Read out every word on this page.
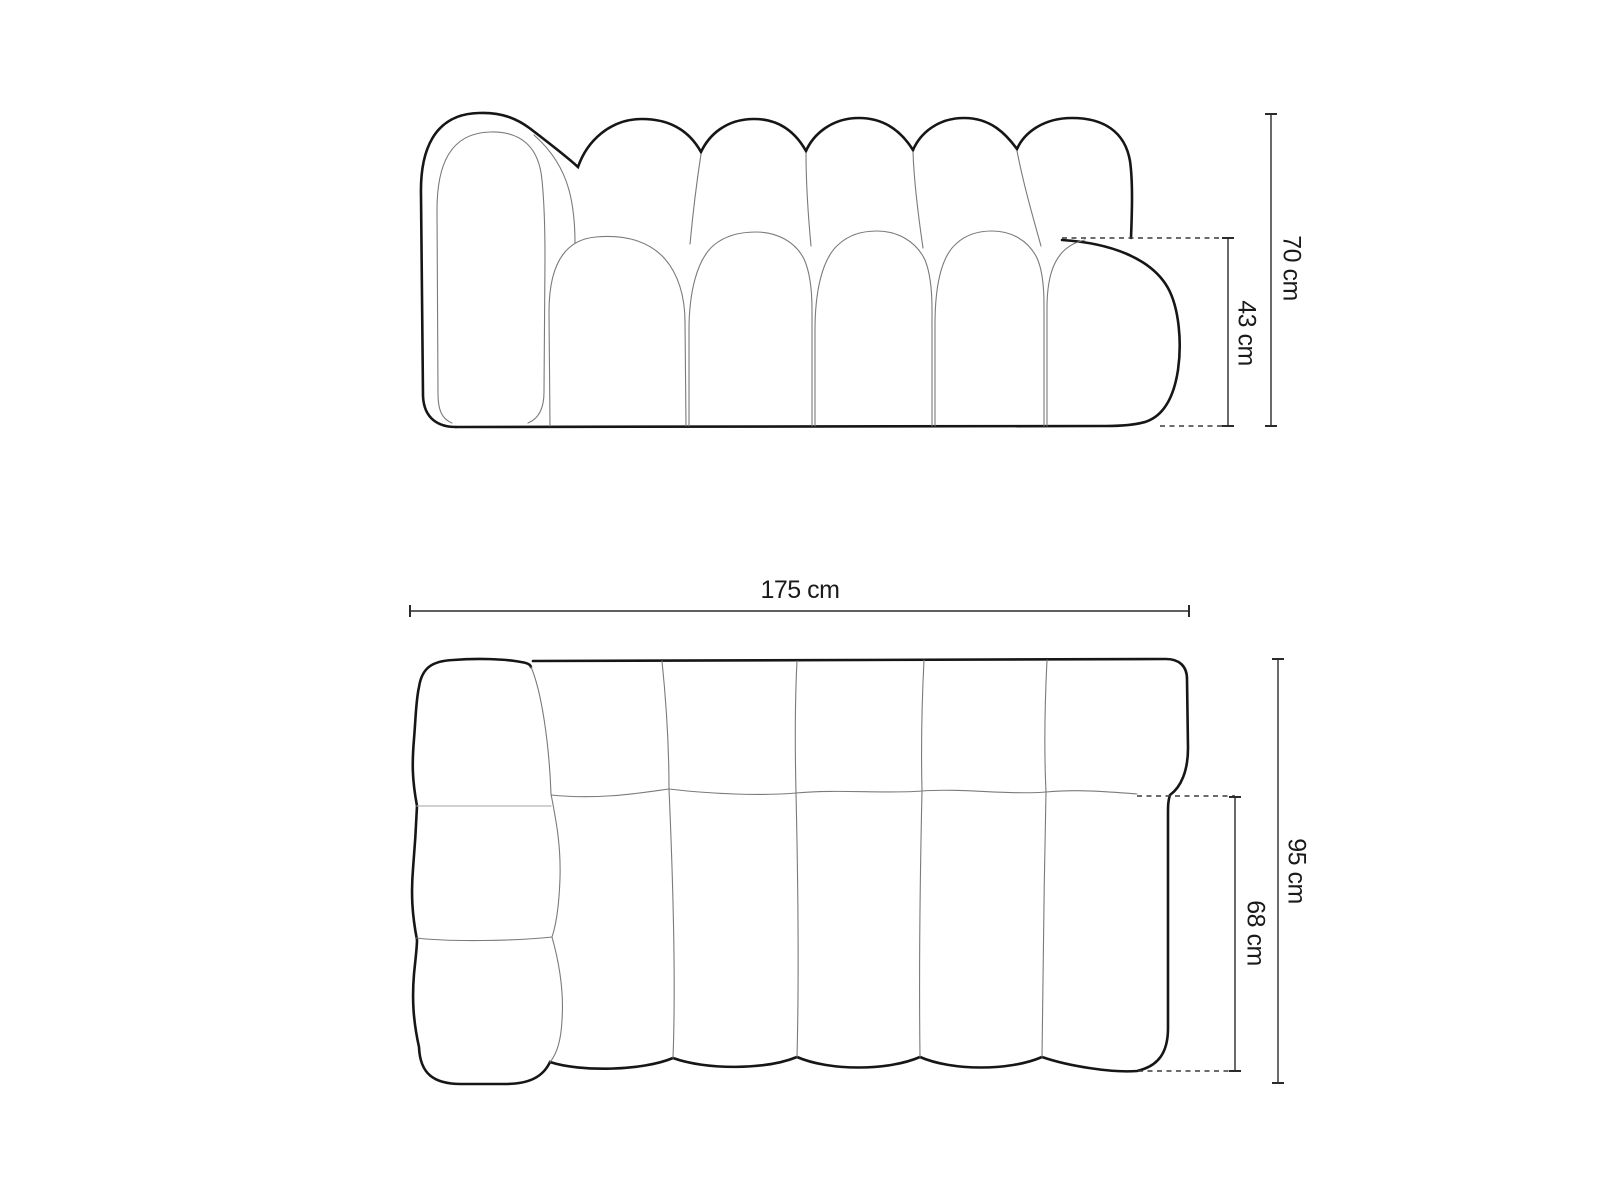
70 cm
43 cm
175 cm
95 cm
68 cm
